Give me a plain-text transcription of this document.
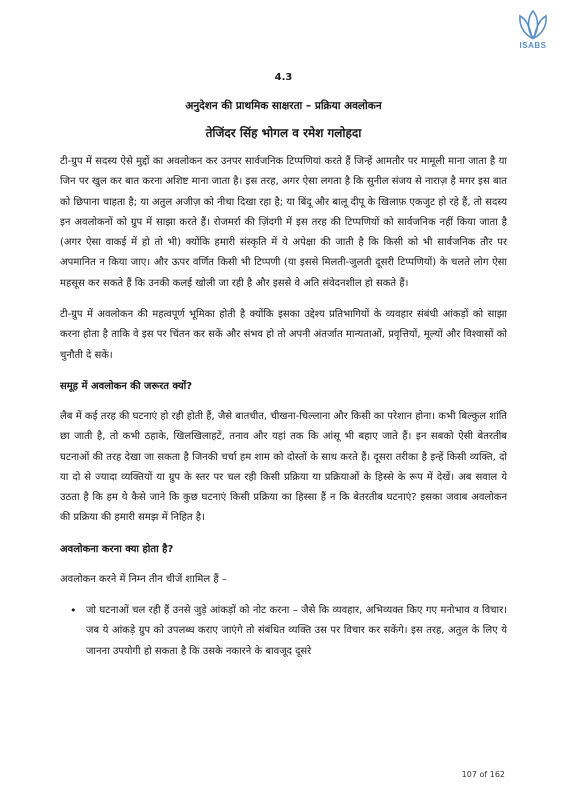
ISABS
4.3
अनुदेशन की प्राथमिक साक्षरता – प्रक्रिया अवलोकन
तेजिंदर सिंह भोगल व रमेश गलोहदा

टी-ग्रुप में सदस्य ऐसे मुद्दों का अवलोकन कर उनपर सार्वजनिक टिप्पणियां करते हैं जिन्हें आमतौर पर मामूली माना जाता है या जिन पर खुल कर बात करना अशिष्ट माना जाता है। इस तरह, अगर ऐसा लगता है कि सुनील संजय से नाराज़ है मगर इस बात को छिपाना चाहता है; या अतुल अजीज़ को नीचा दिखा रहा है; या बिंदू और बालू दीपू के खिलाफ़ एकजुट हो रहे हैं, तो सदस्य इन अवलोकनों को ग्रुप में साझा करते हैं। रोजमर्रा की ज़िंदगी में इस तरह की टिप्पणियों को सार्वजनिक नहीं किया जाता है (अगर ऐसा वाकई में हो तो भी) क्योंकि हमारी संस्कृति में ये अपेक्षा की जाती है कि किसी को भी सार्वजनिक तौर पर अपमानित न किया जाए। और ऊपर वर्णित किसी भी टिप्पणी (या इससे मिलती-जुलती दूसरी टिप्पणियों) के चलते लोग ऐसा महसूस कर सकते हैं कि उनकी कलई खोली जा रही है और इससे वे अति संवेदनशील हो सकते हैं।

टी-ग्रुप में अवलोकन की महत्वपूर्ण भूमिका होती है क्योंकि इसका उद्देश्य प्रतिभागियों के व्यवहार संबंधी आंकड़ों को साझा करना होता है ताकि वे इस पर चिंतन कर सकें और संभव हो तो अपनी अंतर्जात मान्यताओं, प्रवृत्तियों, मूल्यों और विश्वासों को चुनौती दे सकें।

समूह में अवलोकन की जरूरत क्यों?

लैब में कई तरह की घटनाएं हो रही होती हैं, जैसे बातचीत, चीखना-चिल्लाना और किसी का परेशान होना। कभी बिल्कुल शांति छा जाती है, तो कभी ठहाके, खिलखिलाहटें, तनाव और यहां तक कि आंसू भी बहाए जाते हैं। इन सबको ऐसी बेतरतीब घटनाओं की तरह देखा जा सकता है जिनकी चर्चा हम शाम को दोस्तों के साथ करते हैं। दूसरा तरीका है इन्हें किसी व्यक्ति, दो या दो से ज्यादा व्यक्तियों या ग्रुप के स्तर पर चल रही किसी प्रक्रिया या प्रक्रियाओं के हिस्से के रूप में देखें। अब सवाल ये उठता है कि हम ये कैसे जाने कि कुछ घटनाएं किसी प्रक्रिया का हिस्सा हैं न कि बेतरतीब घटनाएं? इसका जवाब अवलोकन की प्रक्रिया की हमारी समझ में निहित है।

अवलोकना करना क्या होता है?

अवलोकन करने में निम्न तीन चीजें शामिल हैं –

• जो घटनाओं चल रही हैं उनसे जुड़े आंकड़ों को नोट करना – जैसे कि व्यवहार, अभिव्यक्त किए गए मनोभाव व विचार। जब ये आंकड़े ग्रुप को उपलब्ध कराए जाएंगे तो संबंधित व्यक्ति उस पर विचार कर सकेंगे। इस तरह, अतुल के लिए ये जानना उपयोगी हो सकता है कि उसके नकारने के बावजूद दूसरे
107 of 162
